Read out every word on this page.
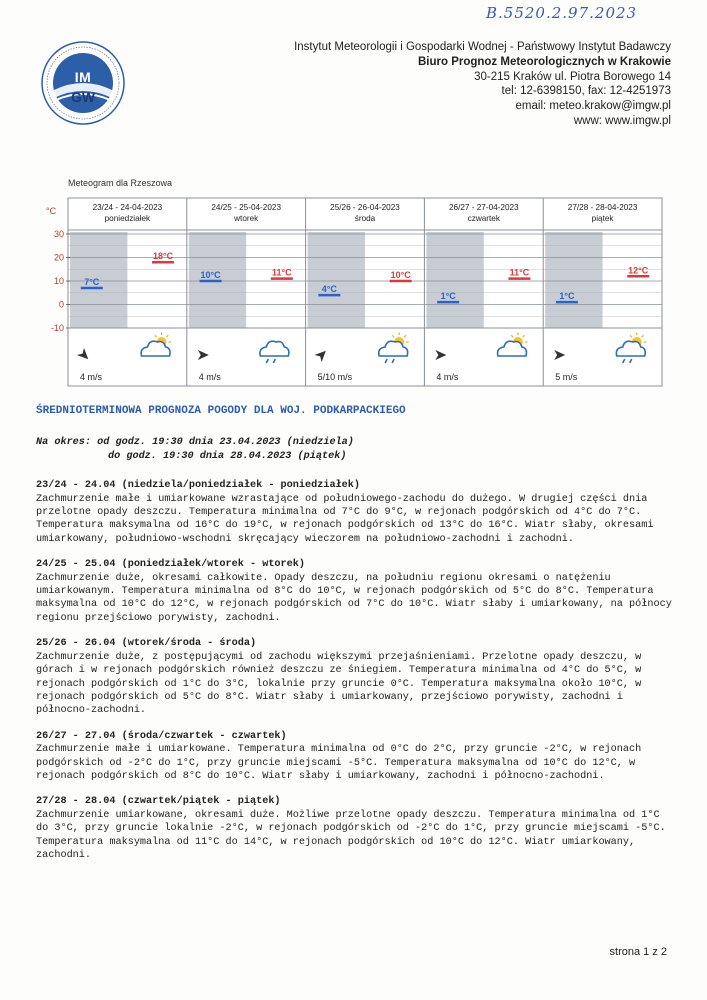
B.5520.2.97.2023
IM
GW
Instytut Meteorologii i Gospodarki Wodnej - Państwowy Instytut Badawczy
Biuro Prognoz Meteorologicznych w Krakowie
30-215 Kraków ul. Piotra Borowego 14
tel: 12-6398150, fax: 12-4251973
email: meteo.krakow@imgw.pl
www: www.imgw.pl
Meteogram dla Rzeszowa
°C
30
20
10
0
-10
23/24 - 24-04-2023
poniedziałek
7°C
18°C
4 m/s
24/25 - 25-04-2023
wtorek
10°C	11°C
4 m/s
25/26 - 26-04-2023
środa
4°C
10°C
5/10 m/s
26/27 - 27-04-2023
czwartek
1°C
11°C
4 m/s
27/28 - 28-04-2023
piątek
1°C
12°C
5 m/s

ŚREDNIOTERMINOWA PROGNOZA POGODY DLA WOJ. PODKARPACKIEGO

Na okres: od godz. 19:30 dnia 23.04.2023 (niedziela)
do godz. 19:30 dnia 28.04.2023 (piątek)
23/24 - 24.04 (niedziela/poniedziałek - poniedziałek)
Zachmurzenie małe i umiarkowane wzrastające od południowego-zachodu do dużego. W drugiej części dnia przelotne opady deszczu. Temperatura minimalna od 7°C do 9°C, w rejonach podgórskich od 4°C do 7°C. Temperatura maksymalna od 16°C do 19°C, w rejonach podgórskich od 13°C do 16°C. Wiatr słaby, okresami umiarkowany, południowo-wschodni skręcający wieczorem na południowo-zachodni i zachodni.
24/25 - 25.04 (poniedziałek/wtorek - wtorek)
Zachmurzenie duże, okresami całkowite. Opady deszczu, na południu regionu okresami o natężeniu umiarkowanym. Temperatura minimalna od 8°C do 10°C, w rejonach podgórskich od 5°C do 8°C. Temperatura maksymalna od 10°C do 12°C, w rejonach podgórskich od 7°C do 10°C. Wiatr słaby i umiarkowany, na północy regionu przejściowo porywisty, zachodni.
25/26 - 26.04 (wtorek/środa - środa)
Zachmurzenie duże, z postępującymi od zachodu większymi przejaśnieniami. Przelotne opady deszczu, w górach i w rejonach podgórskich również deszczu ze śniegiem. Temperatura minimalna od 4°C do 5°C, w rejonach podgórskich od 1°C do 3°C, lokalnie przy gruncie 0°C. Temperatura maksymalna około 10°C, w rejonach podgórskich od 5°C do 8°C. Wiatr słaby i umiarkowany, przejściowo porywisty, zachodni i północno-zachodni.
26/27 - 27.04 (środa/czwartek - czwartek)
Zachmurzenie małe i umiarkowane. Temperatura minimalna od 0°C do 2°C, przy gruncie -2°C, w rejonach podgórskich od -2°C do 1°C, przy gruncie miejscami -5°C. Temperatura maksymalna od 10°C do 12°C, w rejonach podgórskich od 8°C do 10°C. Wiatr słaby i umiarkowany, zachodni i północno-zachodni.
27/28 - 28.04 (czwartek/piątek - piątek)
Zachmurzenie umiarkowane, okresami duże. Możliwe przelotne opady deszczu. Temperatura minimalna od 1°C do 3°C, przy gruncie lokalnie -2°C, w rejonach podgórskich od -2°C do 1°C, przy gruncie miejscami -5°C. Temperatura maksymalna od 11°C do 14°C, w rejonach podgórskich od 10°C do 12°C. Wiatr umiarkowany, zachodni.
strona 1 z 2
